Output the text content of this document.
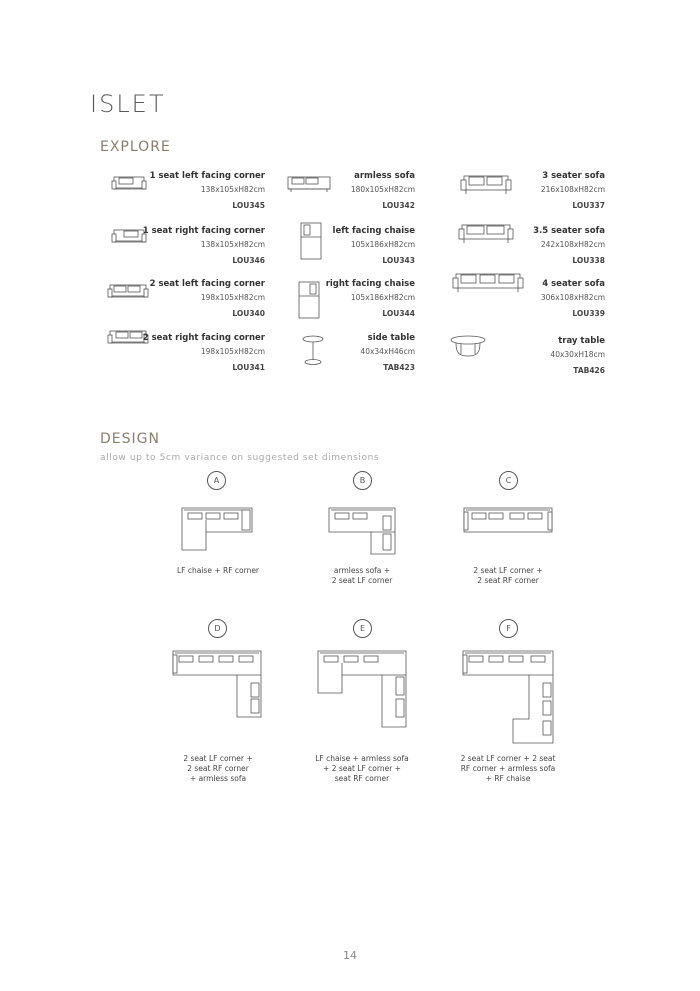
ISLET
EXPLORE
1 seat left facing corner
138x105xH82cm
LOU345
armless sofa
180x105xH82cm
LOU342
3 seater sofa
216x108xH82cm
LOU337
1 seat right facing corner
138x105xH82cm
LOU346
left facing chaise
105x186xH82cm
LOU343
3.5 seater sofa
242x108xH82cm
LOU338
2 seat left facing corner
198x105xH82cm
LOU340
right facing chaise
105x186xH82cm
LOU344
4 seater sofa
306x108xH82cm
LOU339
2 seat right facing corner
198x105xH82cm
LOU341
side table
40x34xH46cm
TAB423
tray table
40x30xH18cm
TAB426
DESIGN
allow up to 5cm variance on suggested set dimensions
A
LF chaise + RF corner
B
armless sofa +
2 seat LF corner
C
2 seat LF corner +
2 seat RF corner
D
2 seat LF corner +
2 seat RF corner
+ armless sofa
E
LF chaise + armless sofa
+ 2 seat LF corner +
seat RF corner
F
2 seat LF corner + 2 seat
RF corner + armless sofa
+ RF chaise
14
